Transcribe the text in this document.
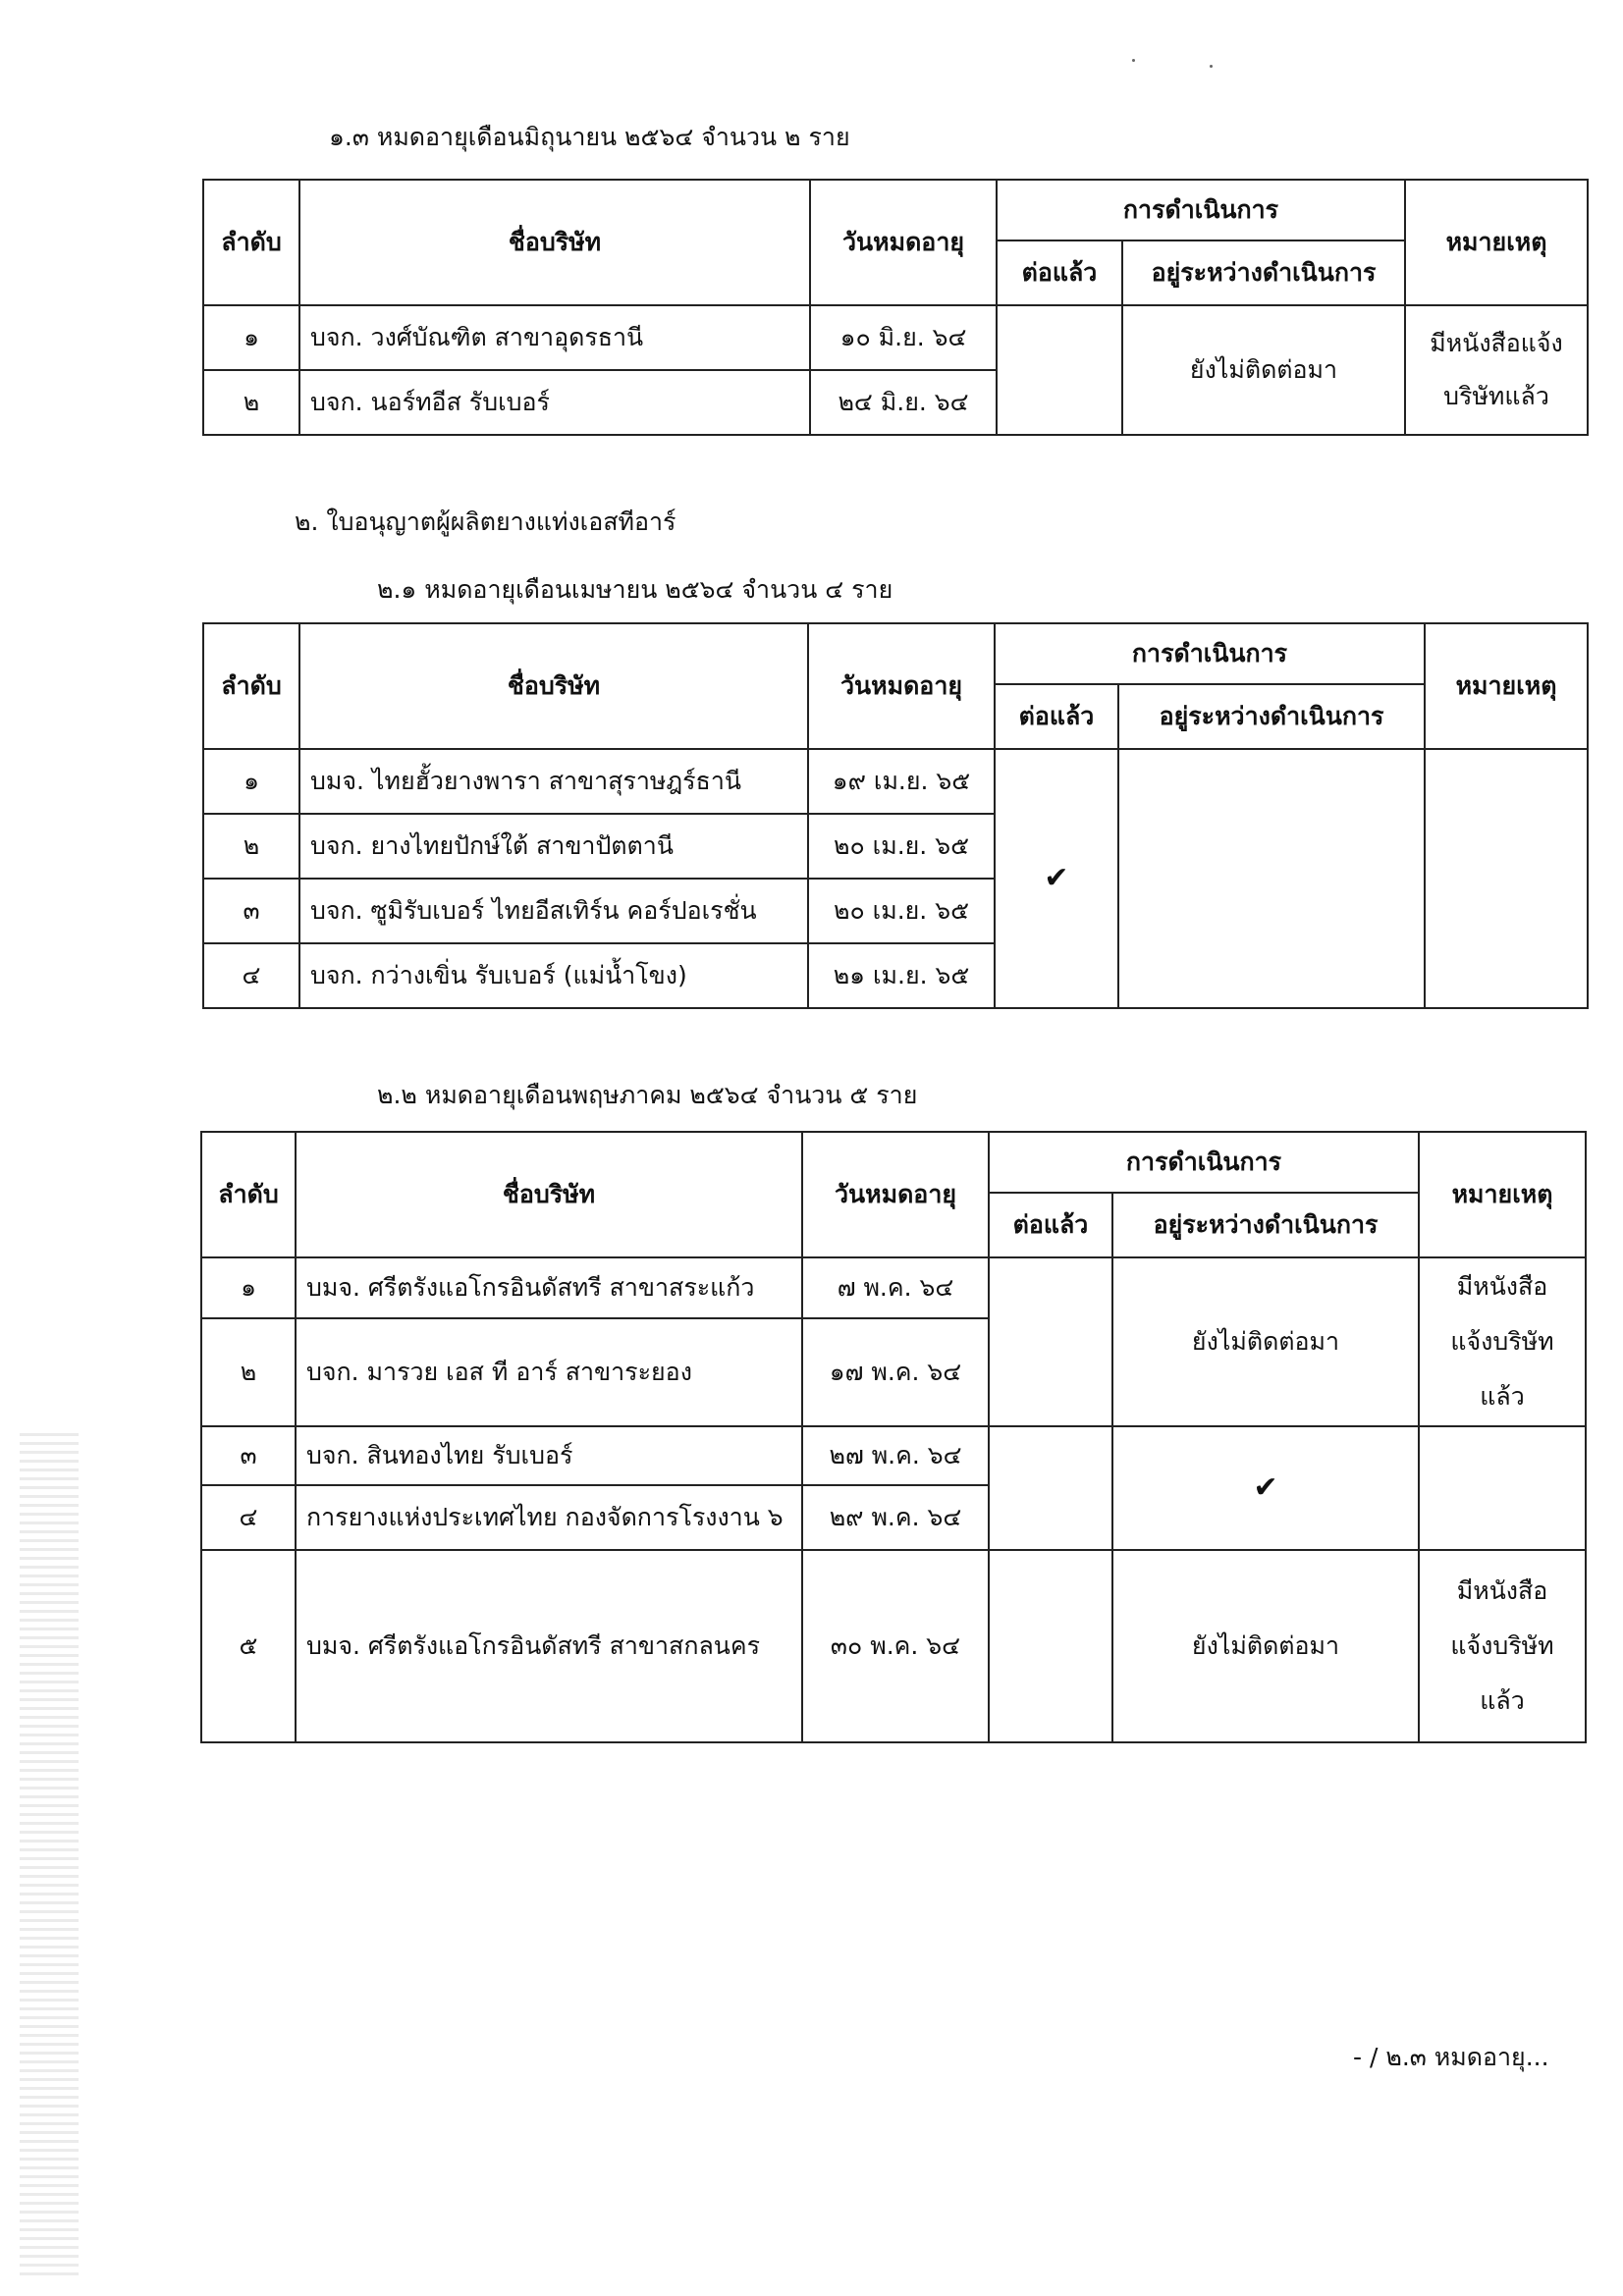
๑.๓ หมดอายุเดือนมิถุนายน ๒๕๖๔ จำนวน ๒ ราย
ลำดับ	ชื่อบริษัท	วันหมดอายุ	การดำเนินการ		หมายเหตุ
			ต่อแล้ว	อยู่ระหว่างดำเนินการ	
๑	บจก. วงศ์บัณฑิต สาขาอุดรธานี	๑๐ มิ.ย. ๖๔		ยังไม่ติดต่อมา	มีหนังสือแจ้ง
บริษัทแล้ว

๒	บจก. นอร์ทอีส รับเบอร์	๒๔ มิ.ย. ๖๔			
๒. ใบอนุญาตผู้ผลิตยางแท่งเอสทีอาร์
๒.๑ หมดอายุเดือนเมษายน ๒๕๖๔ จำนวน ๔ ราย
ลำดับ	ชื่อบริษัท	วันหมดอายุ	การดำเนินการ		หมายเหตุ
			ต่อแล้ว	อยู่ระหว่างดำเนินการ	
๑	บมจ. ไทยฮั้วยางพารา สาขาสุราษฎร์ธานี	๑๙ เม.ย. ๖๕	✔		
๒	บจก. ยางไทยปักษ์ใต้ สาขาปัตตานี	๒๐ เม.ย. ๖๕			
๓	บจก. ซูมิรับเบอร์ ไทยอีสเทิร์น คอร์ปอเรชั่น	๒๐ เม.ย. ๖๕			
๔	บจก. กว่างเขิ่น รับเบอร์ (แม่น้ำโขง)	๒๑ เม.ย. ๖๕			
๒.๒ หมดอายุเดือนพฤษภาคม ๒๕๖๔ จำนวน ๕ ราย
ลำดับ	ชื่อบริษัท	วันหมดอายุ	การดำเนินการ		หมายเหตุ
			ต่อแล้ว	อยู่ระหว่างดำเนินการ	
๑	บมจ. ศรีตรังแอโกรอินดัสทรี สาขาสระแก้ว	๗ พ.ค. ๖๔		ยังไม่ติดต่อมา	มีหนังสือ
แจ้งบริษัท
แล้ว

๒	บจก. มารวย เอส ที อาร์ สาขาระยอง	๑๗ พ.ค. ๖๔			
๓	บจก. สินทองไทย รับเบอร์	๒๗ พ.ค. ๖๔		✔	
๔	การยางแห่งประเทศไทย กองจัดการโรงงาน ๖	๒๙ พ.ค. ๖๔			
๕	บมจ. ศรีตรังแอโกรอินดัสทรี สาขาสกลนคร	๓๐ พ.ค. ๖๔		ยังไม่ติดต่อมา	มีหนังสือ
แจ้งบริษัท
แล้ว
- / ๒.๓ หมดอายุ...
